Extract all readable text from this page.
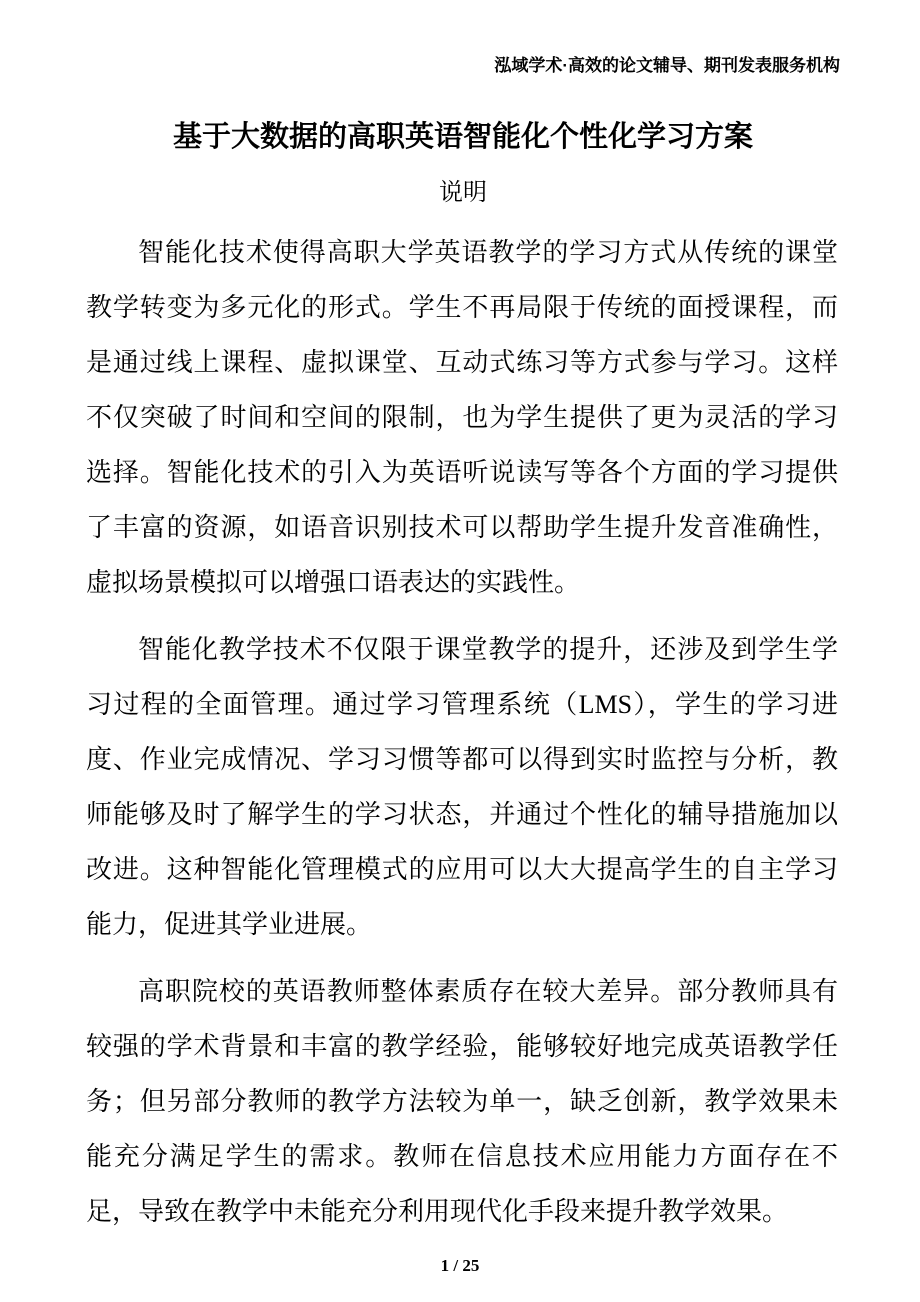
泓域学术·高效的论文辅导、期刊发表服务机构
基于大数据的高职英语智能化个性化学习方案
说明

智能化技术使得高职大学英语教学的学习方式从传统的课堂教学转变为多元化的形式。学生不再局限于传统的面授课程，而是通过线上课程、虚拟课堂、互动式练习等方式参与学习。这样不仅突破了时间和空间的限制，也为学生提供了更为灵活的学习选择。智能化技术的引入为英语听说读写等各个方面的学习提供了丰富的资源，如语音识别技术可以帮助学生提升发音准确性，虚拟场景模拟可以增强口语表达的实践性。

智能化教学技术不仅限于课堂教学的提升，还涉及到学生学习过程的全面管理。通过学习管理系统（LMS），学生的学习进度、作业完成情况、学习习惯等都可以得到实时监控与分析，教师能够及时了解学生的学习状态，并通过个性化的辅导措施加以改进。这种智能化管理模式的应用可以大大提高学生的自主学习能力，促进其学业进展。

高职院校的英语教师整体素质存在较大差异。部分教师具有较强的学术背景和丰富的教学经验，能够较好地完成英语教学任务；但另部分教师的教学方法较为单一，缺乏创新，教学效果未能充分满足学生的需求。教师在信息技术应用能力方面存在不足，导致在教学中未能充分利用现代化手段来提升教学效果。

1 / 25
